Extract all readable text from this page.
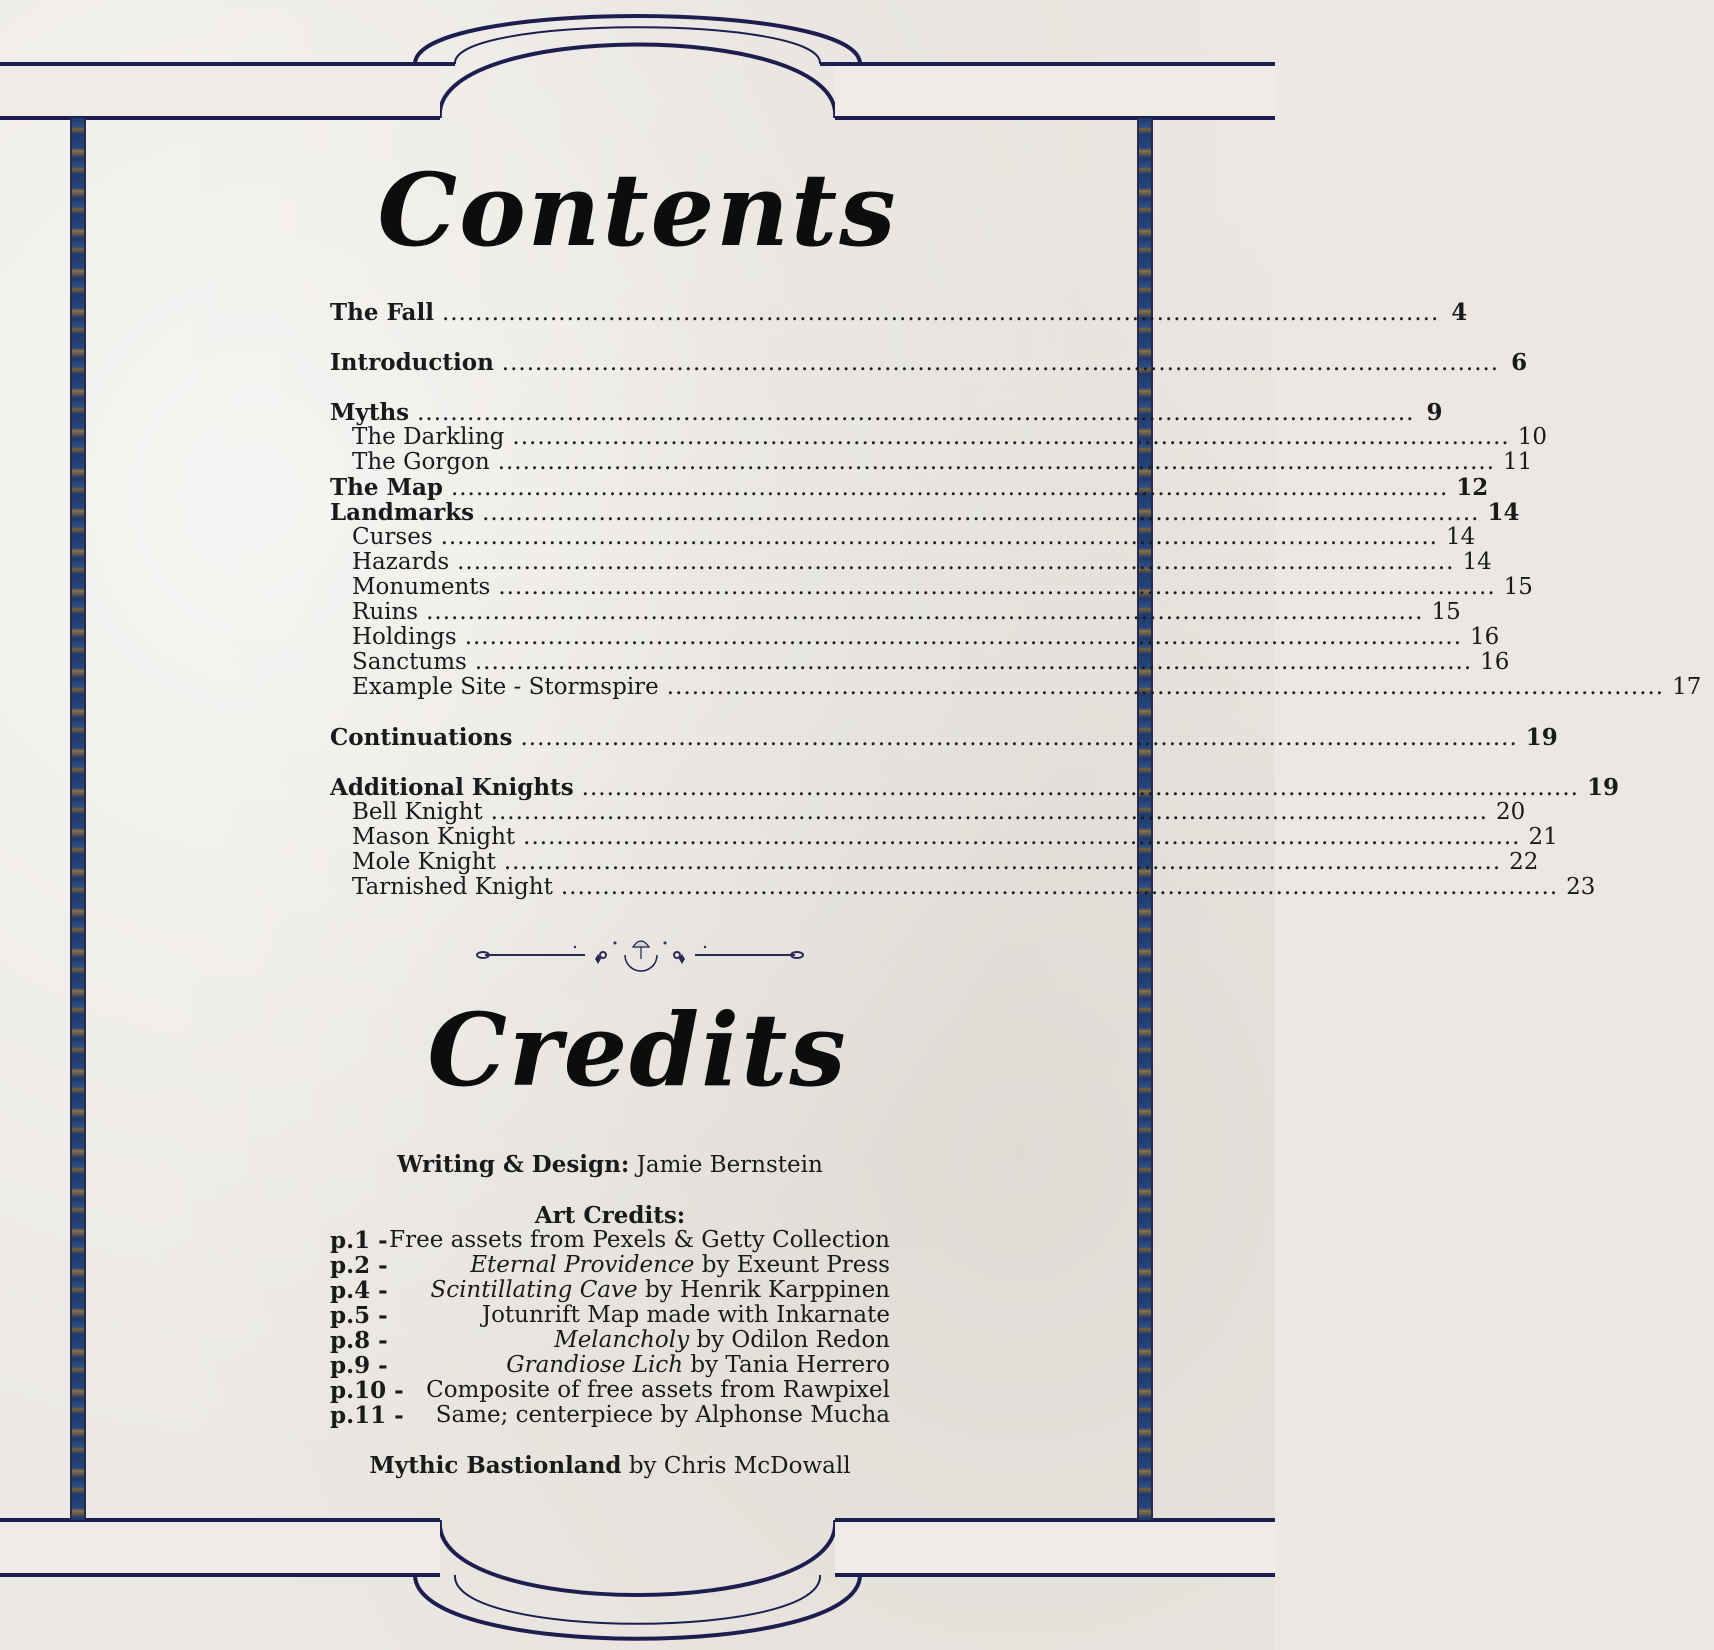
Contents
The Fall ........................................................................................................................ 4
Introduction ........................................................................................................................ 6
Myths ........................................................................................................................ 9
The Darkling ........................................................................................................................ 10
The Gorgon ........................................................................................................................ 11
The Map ........................................................................................................................ 12
Landmarks ........................................................................................................................ 14
Curses ........................................................................................................................ 14
Hazards ........................................................................................................................ 14
Monuments ........................................................................................................................ 15
Ruins ........................................................................................................................ 15
Holdings ........................................................................................................................ 16
Sanctums ........................................................................................................................ 16
Example Site - Stormspire ........................................................................................................................ 17
Continuations ........................................................................................................................ 19
Additional Knights ........................................................................................................................ 19
Bell Knight ........................................................................................................................ 20
Mason Knight ........................................................................................................................ 21
Mole Knight ........................................................................................................................ 22
Tarnished Knight ........................................................................................................................ 23
Credits
Writing & Design: Jamie Bernstein
Art Credits:
p.1 - Free assets from Pexels & Getty Collection
p.2 -	Eternal Providence by Exeunt Press
p.4 -	Scintillating Cave by Henrik Karppinen
p.5 -	Jotunrift Map made with Inkarnate
p.8 -	Melancholy by Odilon Redon
p.9 -	Grandiose Lich by Tania Herrero
p.10 - Composite of free assets from Rawpixel
p.11 -	Same; centerpiece by Alphonse Mucha
Mythic Bastionland by Chris McDowall
